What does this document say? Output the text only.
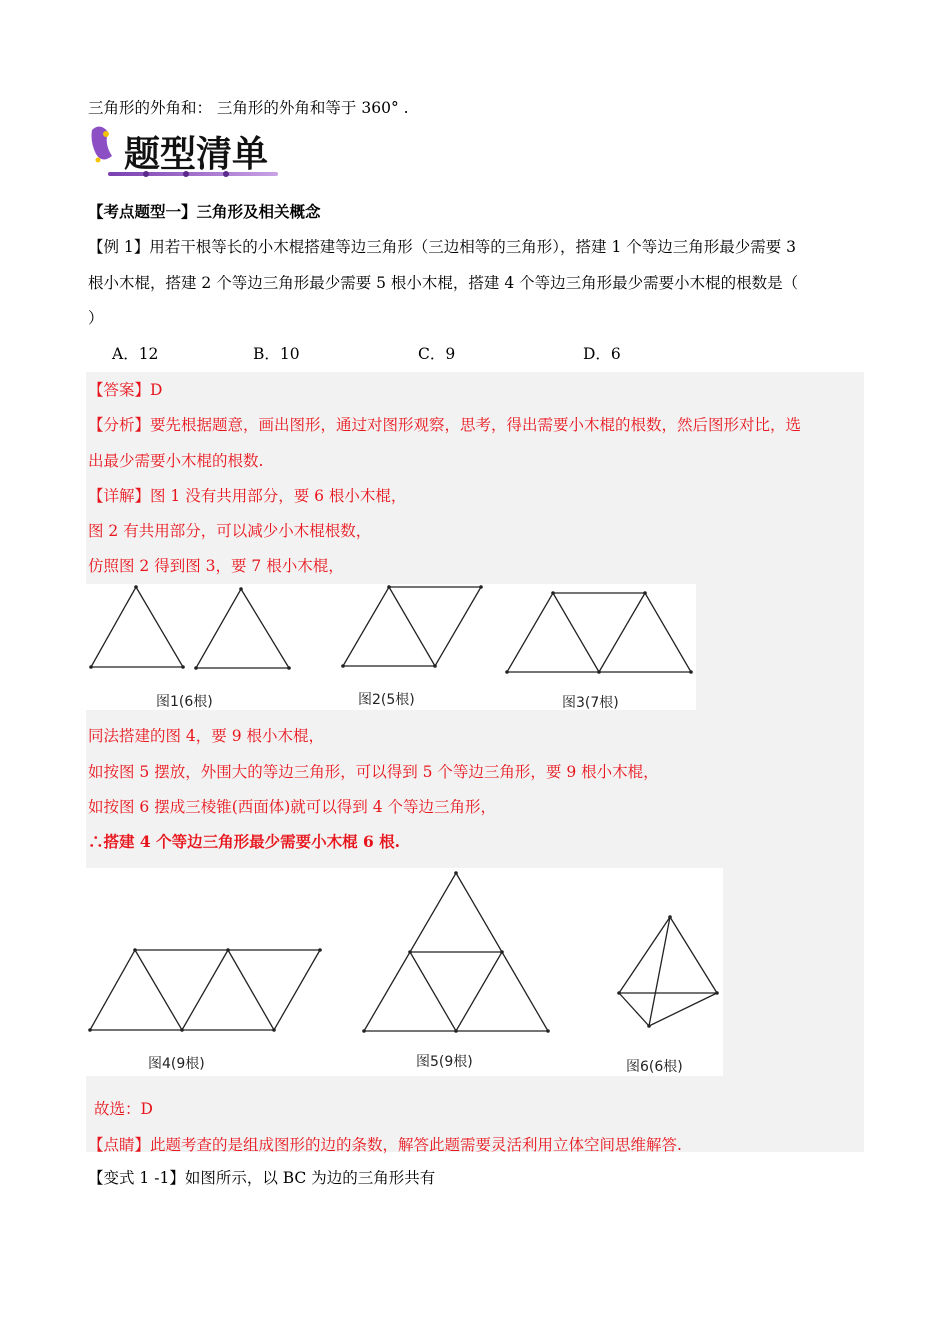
三角形的外角和： 三角形的外角和等于 360° .
题型清单
【考点题型一】三角形及相关概念
【例 1】用若干根等长的小木棍搭建等边三角形（三边相等的三角形），搭建 1 个等边三角形最少需要 3
根小木棍，搭建 2 个等边三角形最少需要 5 根小木棍，搭建 4 个等边三角形最少需要小木棍的根数是（
）
A．12	B．10	C．9	D．6
【答案】D
【分析】要先根据题意，画出图形，通过对图形观察，思考，得出需要小木棍的根数，然后图形对比，选
出最少需要小木棍的根数.
【详解】图 1 没有共用部分，要 6 根小木棍，
图 2 有共用部分，可以减少小木棍根数，
仿照图 2 得到图 3，要 7 根小木棍，
图1(6根)	图2(5根)	图3(7根)
同法搭建的图 4，要 9 根小木棍，
如按图 5 摆放，外围大的等边三角形，可以得到 5 个等边三角形，要 9 根小木棍，
如按图 6 摆成三棱锥(西面体)就可以得到 4 个等边三角形，
∴搭建 4 个等边三角形最少需要小木棍 6 根.
图4(9根)	图5(9根)	图6(6根)
故选：D
【点睛】此题考查的是组成图形的边的条数，解答此题需要灵活利用立体空间思维解答.
【变式 1 -1】如图所示，以 BC 为边的三角形共有
